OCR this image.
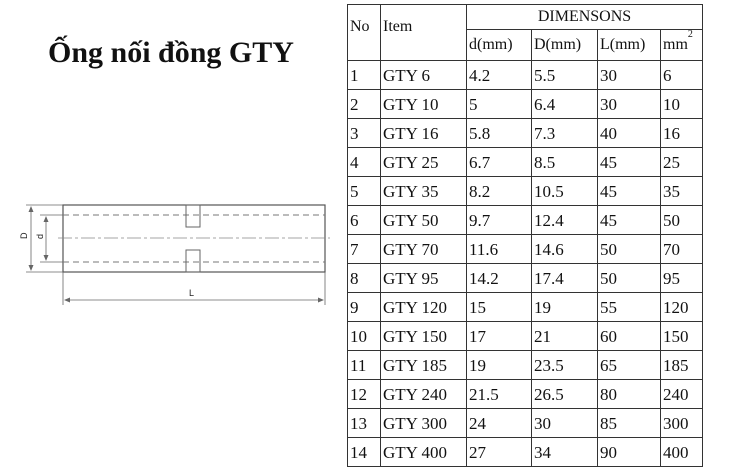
Ống nối đồng GTY
D d
L
No	Item	DIMENSONS			
		d(mm)	D(mm)	L(mm)	$mm^2$
1	GTY 6	4.2	5.5	30	6
2	GTY 10	5	6.4	30	10
3	GTY 16	5.8	7.3	40	16
4	GTY 25	6.7	8.5	45	25
5	GTY 35	8.2	10.5	45	35
6	GTY 50	9.7	12.4	45	50
7	GTY 70	11.6	14.6	50	70
8	GTY 95	14.2	17.4	50	95
9	GTY 120	15	19	55	120
10	GTY 150	17	21	60	150
11	GTY 185	19	23.5	65	185
12	GTY 240	21.5	26.5	80	240
13	GTY 300	24	30	85	300
14	GTY 400	27	34	90	400
